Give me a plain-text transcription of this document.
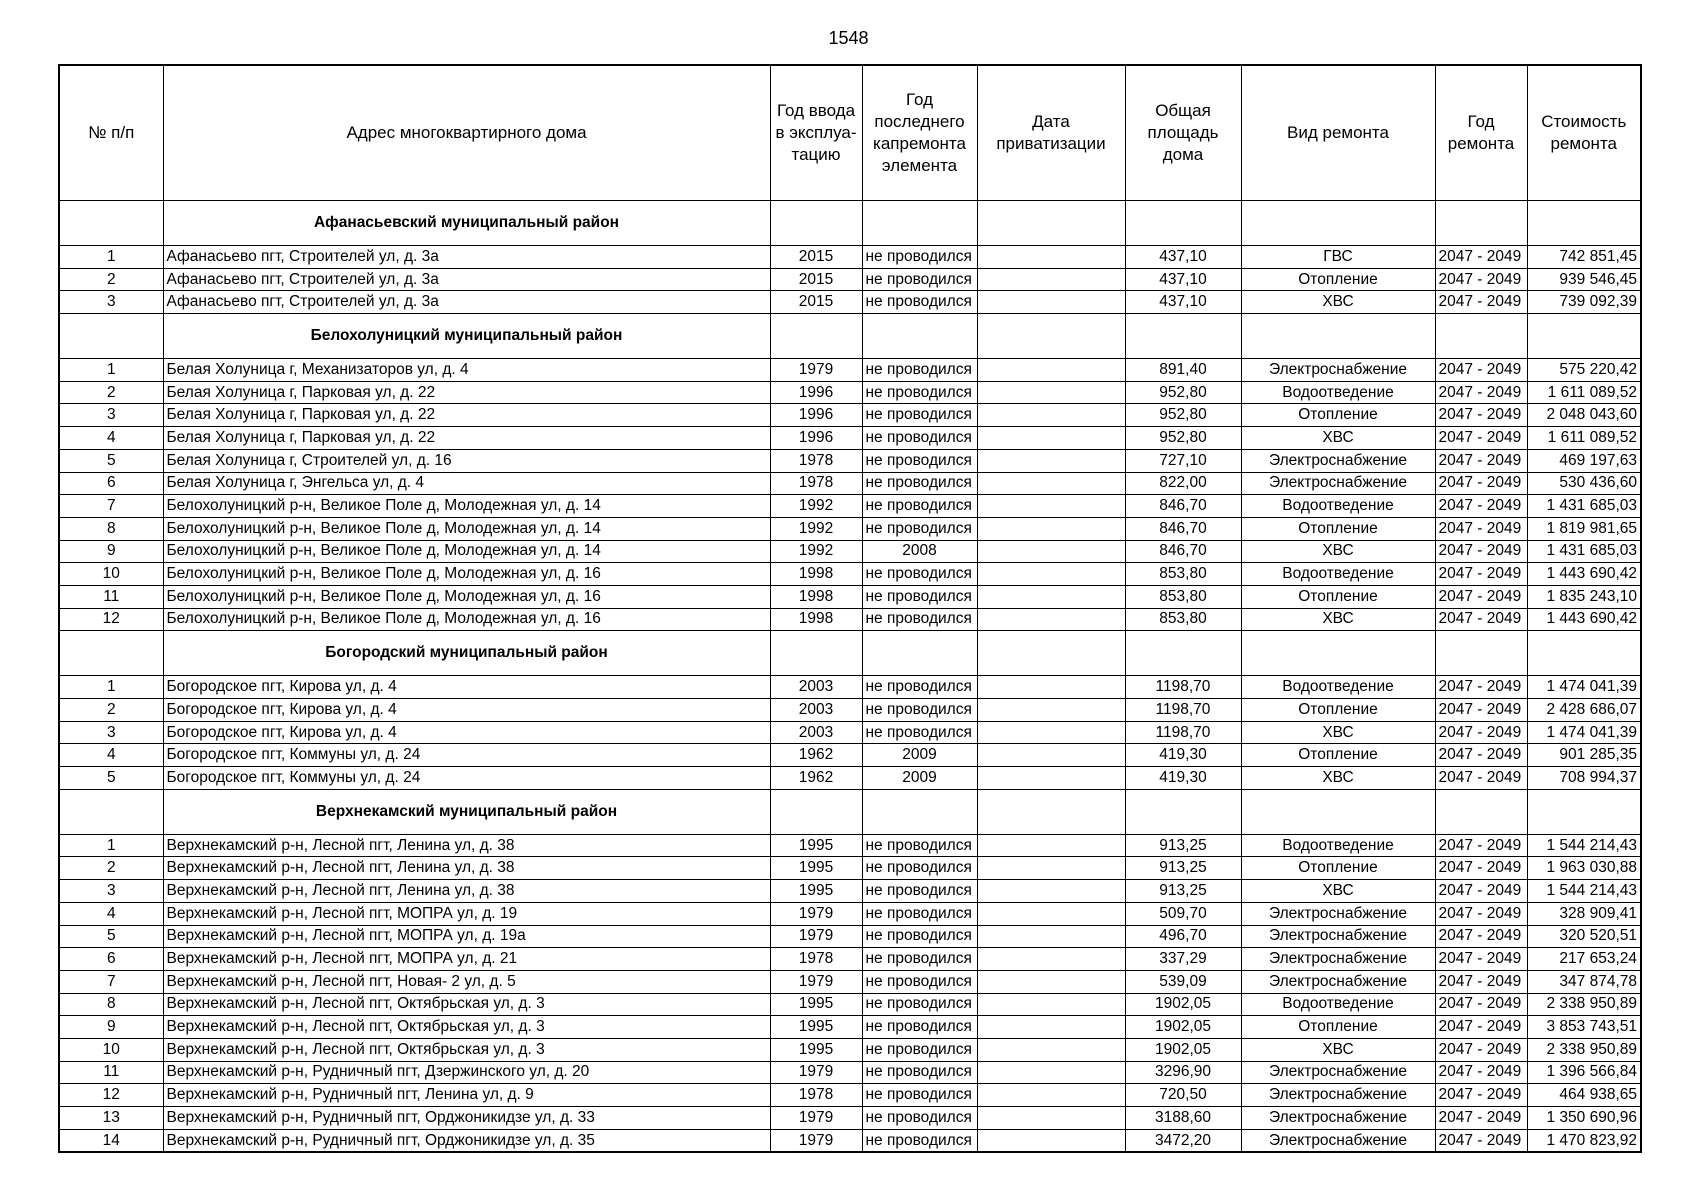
1548
№ п/п	Адрес многоквартирного дома	Год ввода в эксплуа-тацию	Год последнего капремонта элемента	Дата приватизации	Общая площадь дома	Вид ремонта	Год ремонта	Стоимость ремонта
	Афанасьевский муниципальный район							
1	Афанасьево пгт, Строителей ул, д. 3а	2015	не проводился		437,10	ГВС	2047 - 2049	742 851,45
2	Афанасьево пгт, Строителей ул, д. 3а	2015	не проводился		437,10	Отопление	2047 - 2049	939 546,45
3	Афанасьево пгт, Строителей ул, д. 3а	2015	не проводился		437,10	ХВС	2047 - 2049	739 092,39
	Белохолуницкий муниципальный район							
1	Белая Холуница г, Механизаторов ул, д. 4	1979	не проводился		891,40	Электроснабжение	2047 - 2049	575 220,42
2	Белая Холуница г, Парковая ул, д. 22	1996	не проводился		952,80	Водоотведение	2047 - 2049	1 611 089,52
3	Белая Холуница г, Парковая ул, д. 22	1996	не проводился		952,80	Отопление	2047 - 2049	2 048 043,60
4	Белая Холуница г, Парковая ул, д. 22	1996	не проводился		952,80	ХВС	2047 - 2049	1 611 089,52
5	Белая Холуница г, Строителей ул, д. 16	1978	не проводился		727,10	Электроснабжение	2047 - 2049	469 197,63
6	Белая Холуница г, Энгельса ул, д. 4	1978	не проводился		822,00	Электроснабжение	2047 - 2049	530 436,60
7	Белохолуницкий р-н, Великое Поле д, Молодежная ул, д. 14	1992	не проводился		846,70	Водоотведение	2047 - 2049	1 431 685,03
8	Белохолуницкий р-н, Великое Поле д, Молодежная ул, д. 14	1992	не проводился		846,70	Отопление	2047 - 2049	1 819 981,65
9	Белохолуницкий р-н, Великое Поле д, Молодежная ул, д. 14	1992	2008		846,70	ХВС	2047 - 2049	1 431 685,03
10	Белохолуницкий р-н, Великое Поле д, Молодежная ул, д. 16	1998	не проводился		853,80	Водоотведение	2047 - 2049	1 443 690,42
11	Белохолуницкий р-н, Великое Поле д, Молодежная ул, д. 16	1998	не проводился		853,80	Отопление	2047 - 2049	1 835 243,10
12	Белохолуницкий р-н, Великое Поле д, Молодежная ул, д. 16	1998	не проводился		853,80	ХВС	2047 - 2049	1 443 690,42
	Богородский муниципальный район							
1	Богородское пгт, Кирова ул, д. 4	2003	не проводился		1198,70	Водоотведение	2047 - 2049	1 474 041,39
2	Богородское пгт, Кирова ул, д. 4	2003	не проводился		1198,70	Отопление	2047 - 2049	2 428 686,07
3	Богородское пгт, Кирова ул, д. 4	2003	не проводился		1198,70	ХВС	2047 - 2049	1 474 041,39
4	Богородское пгт, Коммуны ул, д. 24	1962	2009		419,30	Отопление	2047 - 2049	901 285,35
5	Богородское пгт, Коммуны ул, д. 24	1962	2009		419,30	ХВС	2047 - 2049	708 994,37
	Верхнекамский муниципальный район							
1	Верхнекамский р-н, Лесной пгт, Ленина ул, д. 38	1995	не проводился		913,25	Водоотведение	2047 - 2049	1 544 214,43
2	Верхнекамский р-н, Лесной пгт, Ленина ул, д. 38	1995	не проводился		913,25	Отопление	2047 - 2049	1 963 030,88
3	Верхнекамский р-н, Лесной пгт, Ленина ул, д. 38	1995	не проводился		913,25	ХВС	2047 - 2049	1 544 214,43
4	Верхнекамский р-н, Лесной пгт, МОПРА ул, д. 19	1979	не проводился		509,70	Электроснабжение	2047 - 2049	328 909,41
5	Верхнекамский р-н, Лесной пгт, МОПРА ул, д. 19а	1979	не проводился		496,70	Электроснабжение	2047 - 2049	320 520,51
6	Верхнекамский р-н, Лесной пгт, МОПРА ул, д. 21	1978	не проводился		337,29	Электроснабжение	2047 - 2049	217 653,24
7	Верхнекамский р-н, Лесной пгт, Новая- 2 ул, д. 5	1979	не проводился		539,09	Электроснабжение	2047 - 2049	347 874,78
8	Верхнекамский р-н, Лесной пгт, Октябрьская ул, д. 3	1995	не проводился		1902,05	Водоотведение	2047 - 2049	2 338 950,89
9	Верхнекамский р-н, Лесной пгт, Октябрьская ул, д. 3	1995	не проводился		1902,05	Отопление	2047 - 2049	3 853 743,51
10	Верхнекамский р-н, Лесной пгт, Октябрьская ул, д. 3	1995	не проводился		1902,05	ХВС	2047 - 2049	2 338 950,89
11	Верхнекамский р-н, Рудничный пгт, Дзержинского ул, д. 20	1979	не проводился		3296,90	Электроснабжение	2047 - 2049	1 396 566,84
12	Верхнекамский р-н, Рудничный пгт, Ленина ул, д. 9	1978	не проводился		720,50	Электроснабжение	2047 - 2049	464 938,65
13	Верхнекамский р-н, Рудничный пгт, Орджоникидзе ул, д. 33	1979	не проводился		3188,60	Электроснабжение	2047 - 2049	1 350 690,96
14	Верхнекамский р-н, Рудничный пгт, Орджоникидзе ул, д. 35	1979	не проводился		3472,20	Электроснабжение	2047 - 2049	1 470 823,92
